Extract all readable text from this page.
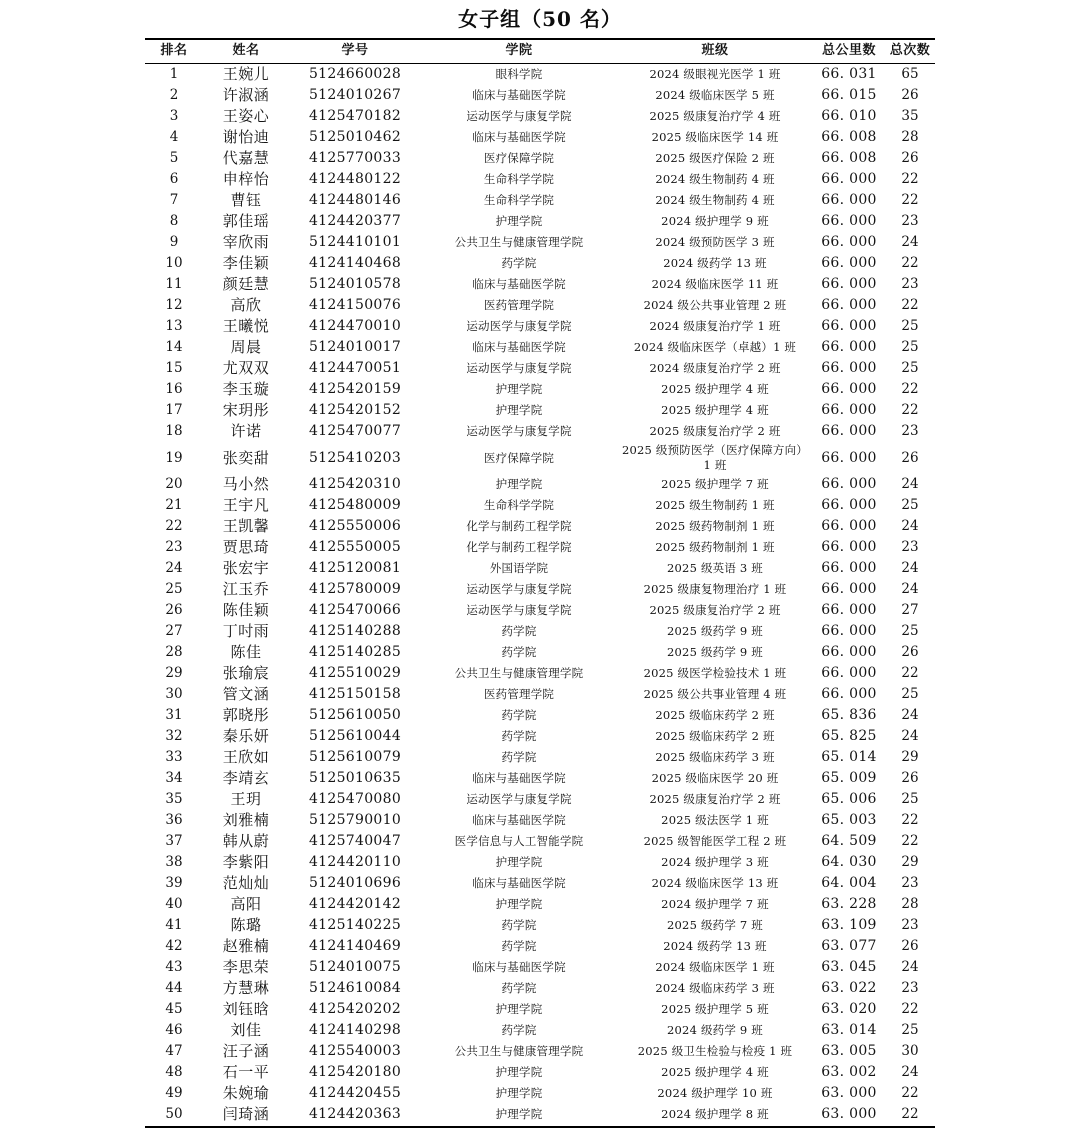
女子组（50 名）
排名	姓名	学号	学院	班级	总公里数	总次数
1	王婉儿	5124660028	眼科学院	2024 级眼视光医学 1 班	66. 031	65
2	许淑涵	5124010267	临床与基础医学院	2024 级临床医学 5 班	66. 015	26
3	王姿心	4125470182	运动医学与康复学院	2025 级康复治疗学 4 班	66. 010	35
4	谢怡迪	5125010462	临床与基础医学院	2025 级临床医学 14 班	66. 008	28
5	代嘉慧	4125770033	医疗保障学院	2025 级医疗保险 2 班	66. 008	26
6	申梓怡	4124480122	生命科学学院	2024 级生物制药 4 班	66. 000	22
7	曹钰	4124480146	生命科学学院	2024 级生物制药 4 班	66. 000	22
8	郭佳瑶	4124420377	护理学院	2024 级护理学 9 班	66. 000	23
9	宰欣雨	5124410101	公共卫生与健康管理学院	2024 级预防医学 3 班	66. 000	24
10	李佳颖	4124140468	药学院	2024 级药学 13 班	66. 000	22
11	颜廷慧	5124010578	临床与基础医学院	2024 级临床医学 11 班	66. 000	23
12	高欣	4124150076	医药管理学院	2024 级公共事业管理 2 班	66. 000	22
13	王曦悦	4124470010	运动医学与康复学院	2024 级康复治疗学 1 班	66. 000	25
14	周晨	5124010017	临床与基础医学院	2024 级临床医学（卓越）1 班	66. 000	25
15	尤双双	4124470051	运动医学与康复学院	2024 级康复治疗学 2 班	66. 000	25
16	李玉璇	4125420159	护理学院	2025 级护理学 4 班	66. 000	22
17	宋玥彤	4125420152	护理学院	2025 级护理学 4 班	66. 000	22
18	许诺	4125470077	运动医学与康复学院	2025 级康复治疗学 2 班	66. 000	23
19	张奕甜	5125410203	医疗保障学院	2025 级预防医学（医疗保障方向）1 班	66. 000	26
20	马小然	4125420310	护理学院	2025 级护理学 7 班	66. 000	24
21	王宇凡	4125480009	生命科学学院	2025 级生物制药 1 班	66. 000	25
22	王凯馨	4125550006	化学与制药工程学院	2025 级药物制剂 1 班	66. 000	24
23	贾思琦	4125550005	化学与制药工程学院	2025 级药物制剂 1 班	66. 000	23
24	张宏宇	4125120081	外国语学院	2025 级英语 3 班	66. 000	24
25	江玉乔	4125780009	运动医学与康复学院	2025 级康复物理治疗 1 班	66. 000	24
26	陈佳颖	4125470066	运动医学与康复学院	2025 级康复治疗学 2 班	66. 000	27
27	丁吋雨	4125140288	药学院	2025 级药学 9 班	66. 000	25
28	陈佳	4125140285	药学院	2025 级药学 9 班	66. 000	26
29	张瑜宸	4125510029	公共卫生与健康管理学院	2025 级医学检验技术 1 班	66. 000	22
30	管文涵	4125150158	医药管理学院	2025 级公共事业管理 4 班	66. 000	25
31	郭晓彤	5125610050	药学院	2025 级临床药学 2 班	65. 836	24
32	秦乐妍	5125610044	药学院	2025 级临床药学 2 班	65. 825	24
33	王欣如	5125610079	药学院	2025 级临床药学 3 班	65. 014	29
34	李靖玄	5125010635	临床与基础医学院	2025 级临床医学 20 班	65. 009	26
35	王玥	4125470080	运动医学与康复学院	2025 级康复治疗学 2 班	65. 006	25
36	刘雅楠	5125790010	临床与基础医学院	2025 级法医学 1 班	65. 003	22
37	韩从蔚	4125740047	医学信息与人工智能学院	2025 级智能医学工程 2 班	64. 509	22
38	李紫阳	4124420110	护理学院	2024 级护理学 3 班	64. 030	29
39	范灿灿	5124010696	临床与基础医学院	2024 级临床医学 13 班	64. 004	23
40	高阳	4124420142	护理学院	2024 级护理学 7 班	63. 228	28
41	陈璐	4125140225	药学院	2025 级药学 7 班	63. 109	23
42	赵雅楠	4124140469	药学院	2024 级药学 13 班	63. 077	26
43	李思荣	5124010075	临床与基础医学院	2024 级临床医学 1 班	63. 045	24
44	方慧琳	5124610084	药学院	2024 级临床药学 3 班	63. 022	23
45	刘钰晗	4125420202	护理学院	2025 级护理学 5 班	63. 020	22
46	刘佳	4124140298	药学院	2024 级药学 9 班	63. 014	25
47	汪子涵	4125540003	公共卫生与健康管理学院	2025 级卫生检验与检疫 1 班	63. 005	30
48	石一平	4125420180	护理学院	2025 级护理学 4 班	63. 002	24
49	朱婉瑜	4124420455	护理学院	2024 级护理学 10 班	63. 000	22
50	闫琦涵	4124420363	护理学院	2024 级护理学 8 班	63. 000	22
